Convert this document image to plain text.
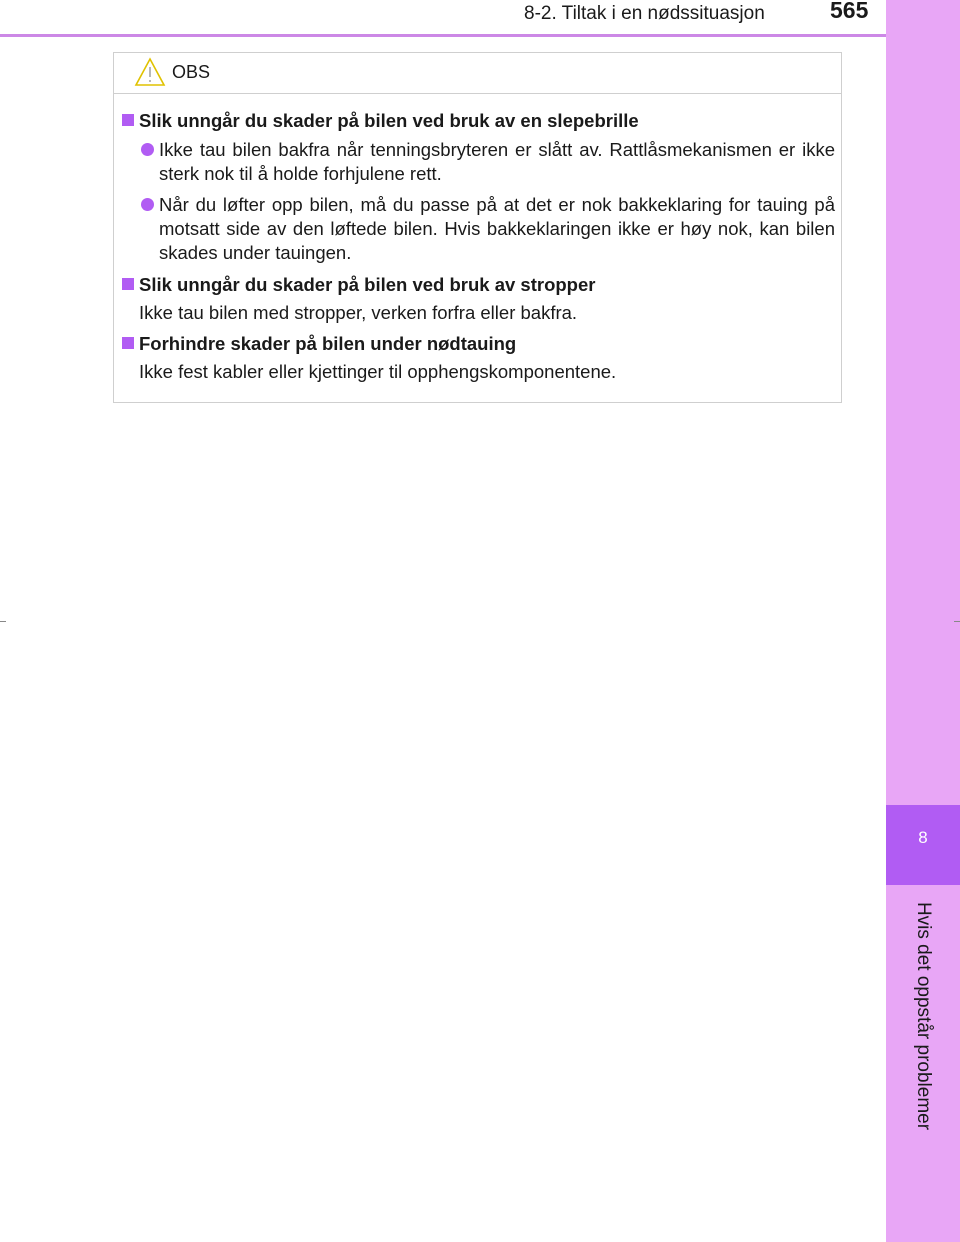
8-2. Tiltak i en nødssituasjon	565
8
Hvis det oppstår problemer
OBS
Slik unngår du skader på bilen ved bruk av en slepebrille
Ikke tau bilen bakfra når tenningsbryteren er slått av. Rattlåsmekanismen er ikke sterk nok til å holde forhjulene rett.
Når du løfter opp bilen, må du passe på at det er nok bakkeklaring for tauing på motsatt side av den løftede bilen. Hvis bakkeklaringen ikke er høy nok, kan bilen skades under tauingen.
Slik unngår du skader på bilen ved bruk av stropper
Ikke tau bilen med stropper, verken forfra eller bakfra.
Forhindre skader på bilen under nødtauing
Ikke fest kabler eller kjettinger til opphengskomponentene.
